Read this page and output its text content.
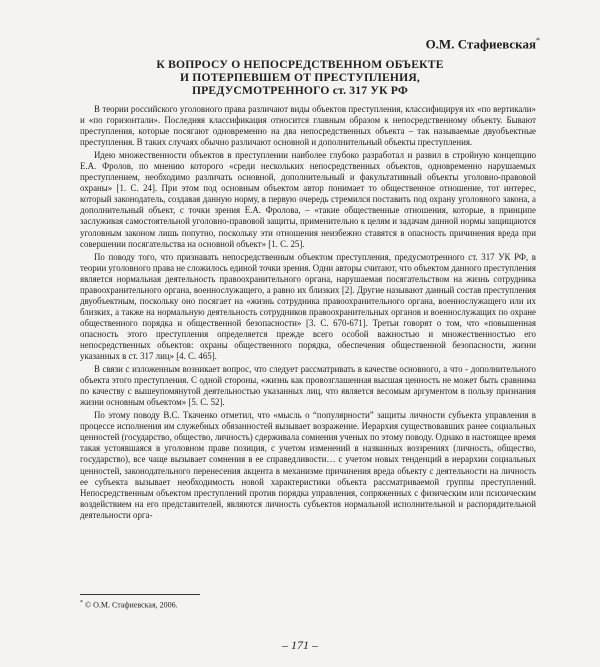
О.М. Стафиевская*
К ВОПРОСУ О НЕПОСРЕДСТВЕННОМ ОБЪЕКТЕ
И ПОТЕРПЕВШЕМ ОТ ПРЕСТУПЛЕНИЯ,
ПРЕДУСМОТРЕННОГО ст. 317 УК РФ

В теории российского уголовного права различают виды объектов преступления, классифицируя их «по вертикали» и «по горизонтали». Последняя классификация относится главным образом к непосредственному объекту. Бывают преступления, которые посягают одновременно на два непосредственных объекта – так называемые двуобъектные преступления. В таких случаях обычно различают основной и дополнительный объекты преступления.

Идею множественности объектов в преступлении наиболее глубоко разработал и развил в стройную концепцию Е.А. Фролов, по мнению которого «среди нескольких непосредственных объектов, одновременно нарушаемых преступлением, необходимо различать основной, дополнительный и факультативный объекты уголовно-правовой охраны» [1. С. 24]. При этом под основным объектом автор понимает то общественное отношение, тот интерес, который законодатель, создавая данную норму, в первую очередь стремился поставить под охрану уголовного закона, а дополнительный объект, с точки зрения Е.А. Фролова, – «такие общественные отношения, которые, в принципе заслуживая самостоятельной уголовно-правовой защиты, применительно к целям и задачам данной нормы защищаются уголовным законом лишь попутно, поскольку эти отношения неизбежно ставятся в опасность причинения вреда при совершении посягательства на основной объект» [1. С. 25].

По поводу того, что признавать непосредственным объектом преступления, предусмотренного ст. 317 УК РФ, в теории уголовного права не сложилось единой точки зрения. Одни авторы считают, что объектом данного преступления является нормальная деятельность правоохранительного органа, нарушаемая посягательством на жизнь сотрудника правоохранительного органа, военнослужащего, а равно их близких [2]. Другие называют данный состав преступления двуобъектным, поскольку оно посягает на «жизнь сотрудника правоохранительного органа, военнослужащего или их близких, а также на нормальную деятельность сотрудников правоохранительных органов и военнослужащих по охране общественного порядка и общественной безопасности» [3. С. 670-671]. Третьи говорят о том, что «повышенная опасность этого преступления определяется прежде всего особой важностью и множественностью его непосредственных объектов: охраны общественного порядка, обеспечения общественной безопасности, жизни указанных в ст. 317 лиц» [4. С. 465].

В связи с изложенным возникает вопрос, что следует рассматривать в качестве основного, а что - дополнительного объекта этого преступления. С одной стороны, «жизнь как провозглашенная высшая ценность не может быть сравнима по качеству с вышеупомянутой деятельностью указанных лиц, что является весомым аргументом в пользу признания жизни основным объектом» [5. С. 52].

По этому поводу В.С. Ткаченко отметил, что «мысль о “популярности” защиты личности субъекта управления в процессе исполнения им служебных обязанностей вызывает возражение. Иерархия существовавших ранее социальных ценностей (государство, общество, личность) сдерживала сомнения ученых по этому поводу. Однако в настоящее время такая устоявшаяся в уголовном праве позиция, с учетом изменений в названных воззрениях (личность, общество, государство), все чаще вызывает сомнения в ее справедливости… с учетом новых тенденций в иерархии социальных ценностей, законодательного перенесения акцента в механизме причинения вреда объекту с деятельности на личность ее субъекта вызывает необходимость новой характеристики объекта рассматриваемой группы преступлений. Непосредственным объектом преступлений против порядка управления, сопряженных с физическим или психическим воздействием на его представителей, являются личность субъектов нормальной исполнительной и распорядительной деятельности орга-

* © О.М. Стафиевская, 2006.
– 171 –
